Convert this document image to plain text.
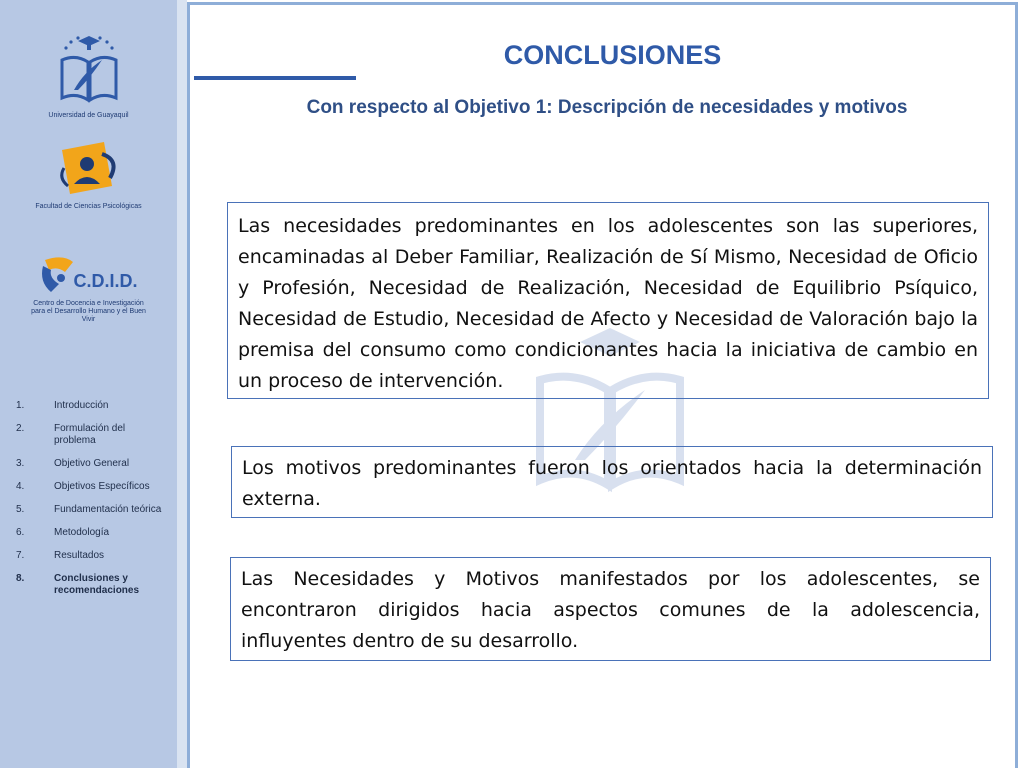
Universidad de Guayaquil
Facultad de Ciencias Psicológicas
C.D.I.D.
Centro de Docencia e Investigación para el Desarrollo Humano y el Buen Vivir
1.	Introducción
2.	Formulación del problema
3.	Objetivo General
4.	Objetivos Específicos
5.	Fundamentación teórica
6.	Metodología
7.	Resultados
8.	Conclusiones y recomendaciones
CONCLUSIONES
Con respecto al Objetivo 1: Descripción de necesidades y motivos
Las necesidades predominantes en los adolescentes son las superiores, encaminadas al Deber Familiar, Realización de Sí Mismo, Necesidad de Oficio y Profesión, Necesidad de Realización, Necesidad de Equilibrio Psíquico, Necesidad de Estudio, Necesidad de Afecto y Necesidad de Valoración bajo la premisa del consumo como condicionantes hacia la iniciativa de cambio en un proceso de intervención.
Los motivos predominantes fueron los orientados hacia la determinación externa.
Las Necesidades y Motivos manifestados por los adolescentes, se encontraron dirigidos hacia aspectos comunes de la adolescencia, influyentes dentro de su desarrollo.
